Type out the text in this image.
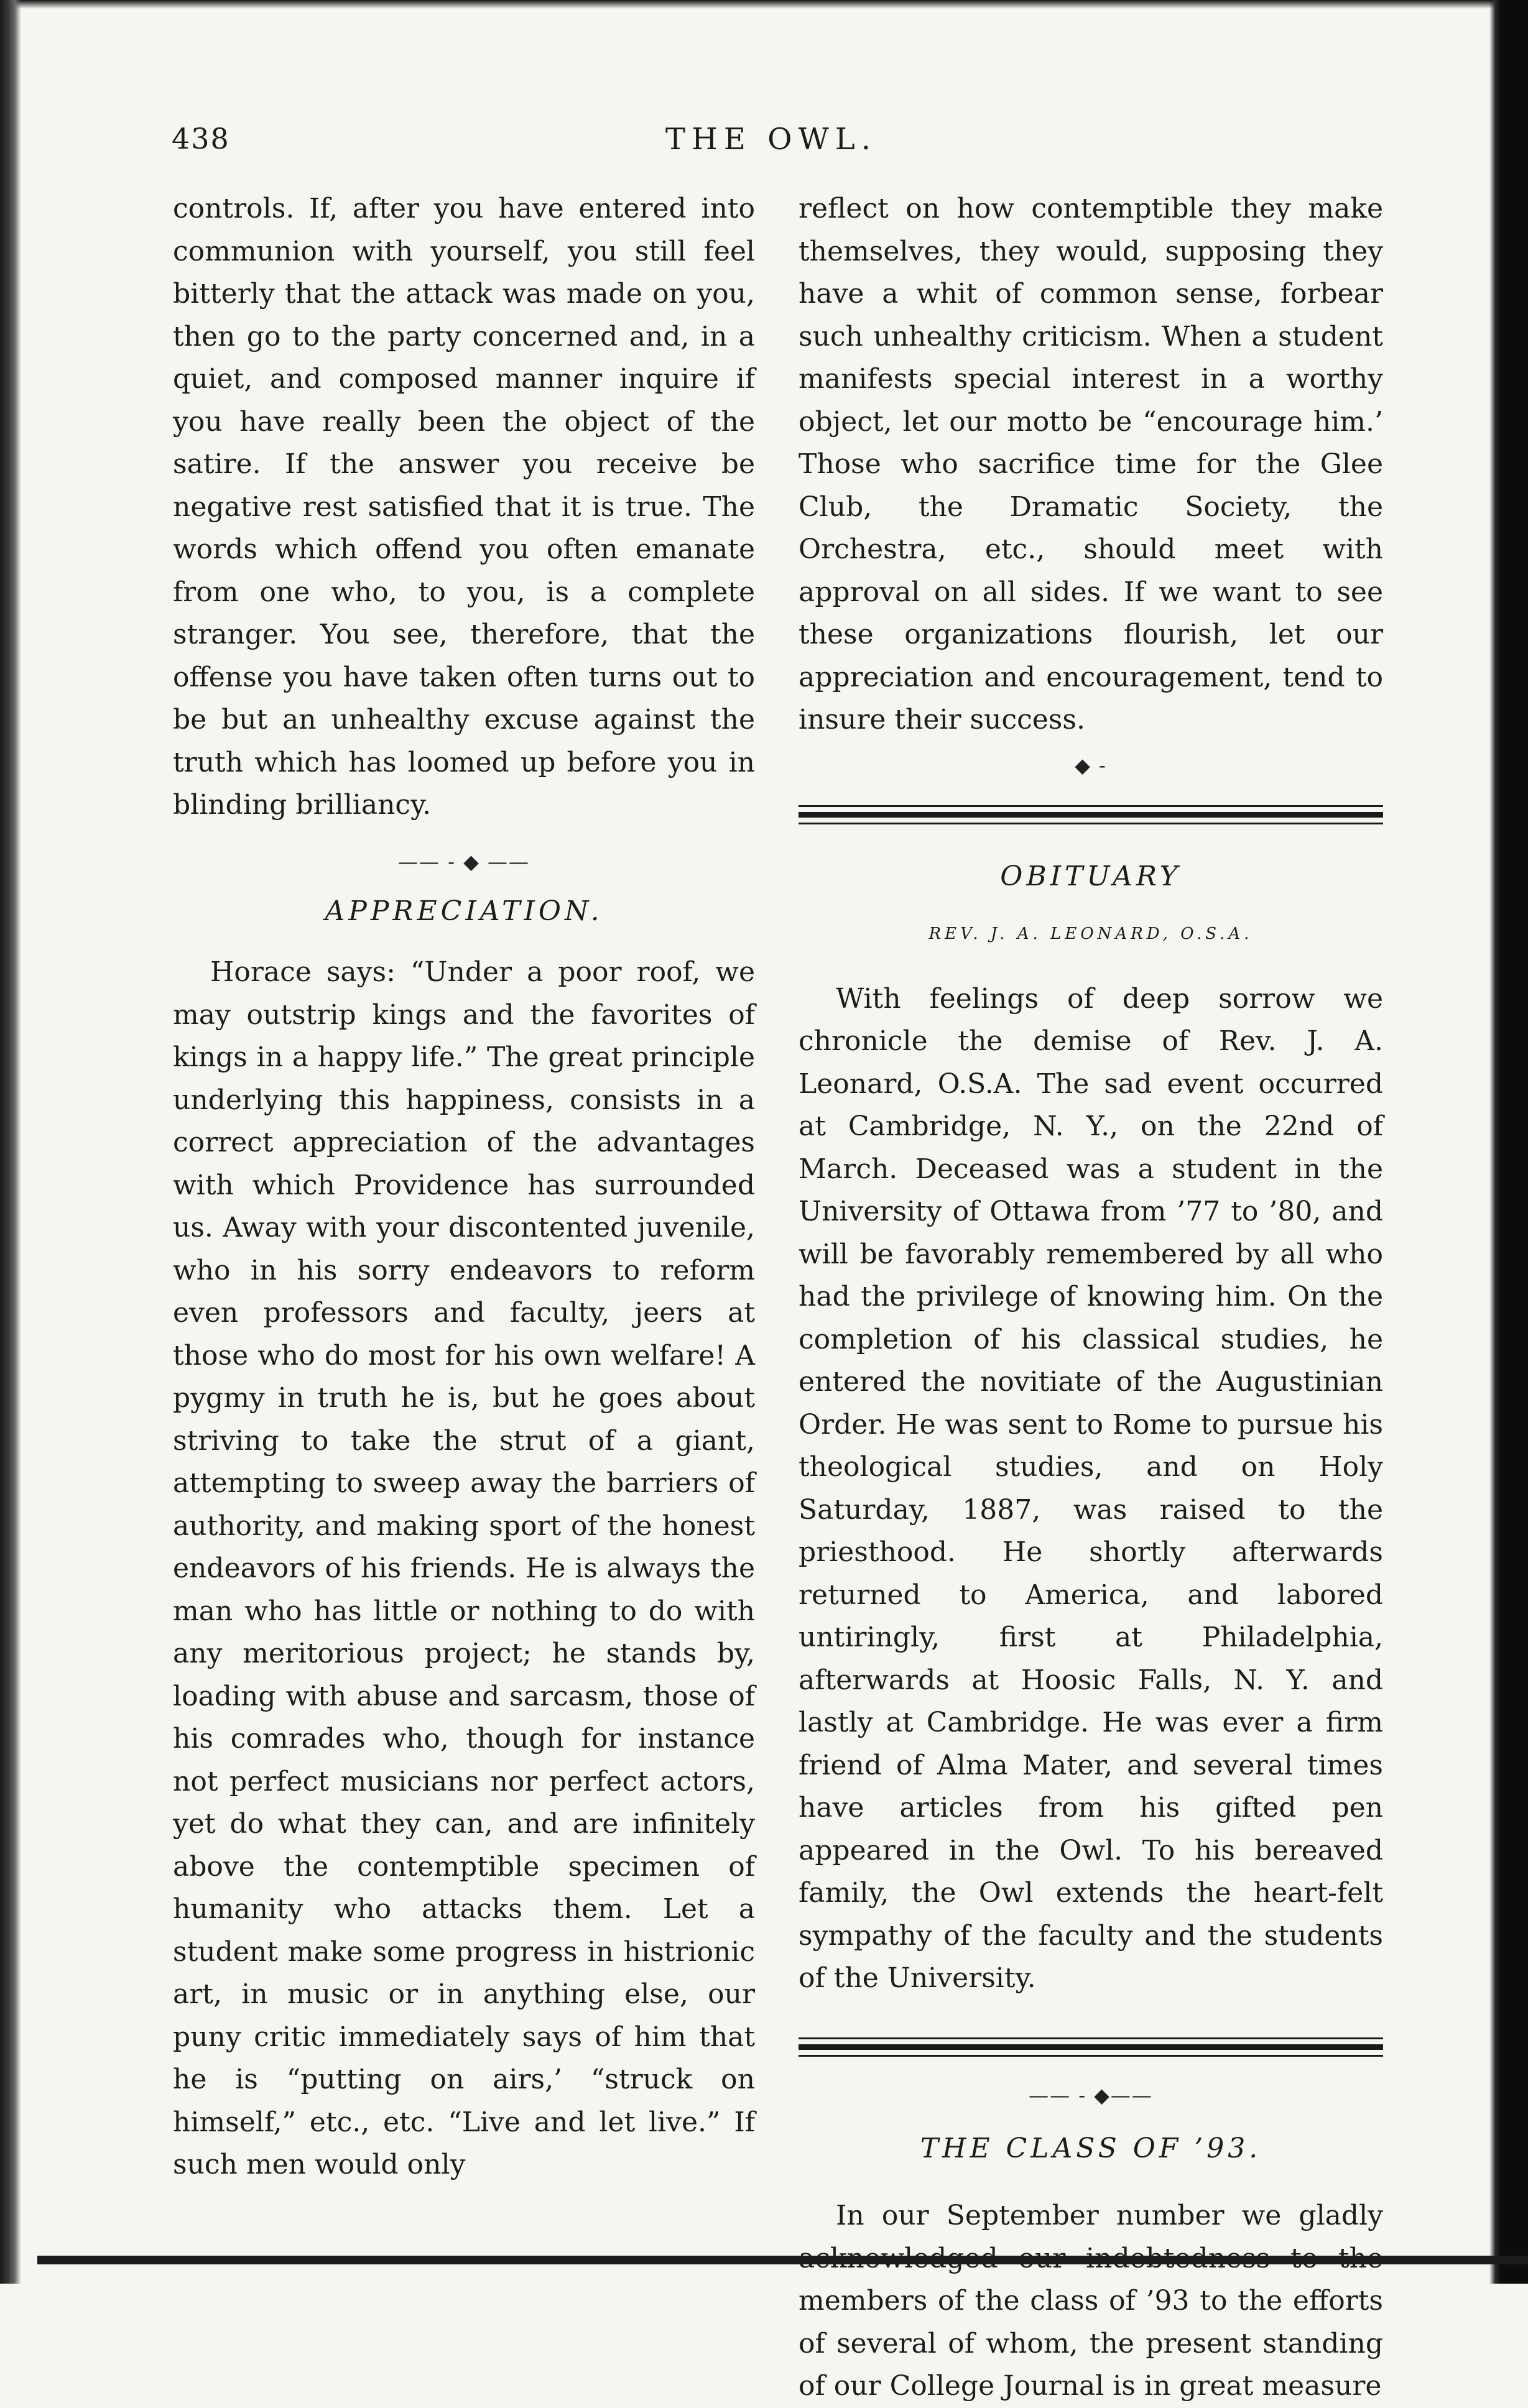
438	THE OWL.

controls. If, after you have entered into communion with yourself, you still feel bitterly that the attack was made on you, then go to the party concerned and, in a quiet, and composed manner inquire if you have really been the object of the satire. If the answer you receive be negative rest satisfied that it is true. The words which offend you often emanate from one who, to you, is a complete stranger. You see, therefore, that the offense you have taken often turns out to be but an unhealthy excuse against the truth which has loomed up before you in blinding brilliancy.

—— - ◆ ——
APPRECIATION.

Horace says: “Under a poor roof, we may outstrip kings and the favorites of kings in a happy life.” The great principle underlying this happiness, consists in a correct appreciation of the advantages with which Providence has surrounded us. Away with your discontented juvenile, who in his sorry endeavors to reform even professors and faculty, jeers at those who do most for his own welfare! A pygmy in truth he is, but he goes about striving to take the strut of a giant, attempting to sweep away the barriers of authority, and making sport of the honest endeavors of his friends. He is always the man who has little or nothing to do with any meritorious project; he stands by, loading with abuse and sarcasm, those of his comrades who, though for instance not perfect musicians nor perfect actors, yet do what they can, and are infinitely above the contemptible specimen of humanity who attacks them. Let a student make some progress in histrionic art, in music or in anything else, our puny critic immediately says of him that he is “putting on airs,’ “struck on himself,” etc., etc. “Live and let live.” If such men would only

reflect on how contemptible they make themselves, they would, supposing they have a whit of common sense, forbear such unhealthy criticism. When a student manifests special interest in a worthy object, let our motto be “encourage him.’ Those who sacrifice time for the Glee Club, the Dramatic Society, the Orchestra, etc., should meet with approval on all sides. If we want to see these organizations flourish, let our appreciation and encouragement, tend to insure their success.

◆ -
OBITUARY
REV. J. A. LEONARD, O.S.A.

With feelings of deep sorrow we chronicle the demise of Rev. J. A. Leonard, O.S.A. The sad event occurred at Cambridge, N. Y., on the 22nd of March. Deceased was a student in the University of Ottawa from ’77 to ’80, and will be favorably remembered by all who had the privilege of knowing him. On the completion of his classical studies, he entered the novitiate of the Augustinian Order. He was sent to Rome to pursue his theological studies, and on Holy Saturday, 1887, was raised to the priesthood. He shortly afterwards returned to America, and labored untiringly, first at Philadelphia, afterwards at Hoosic Falls, N. Y. and lastly at Cambridge. He was ever a firm friend of Alma Mater, and several times have articles from his gifted pen appeared in the Owl. To his bereaved family, the Owl extends the heart-felt sympathy of the faculty and the students of the University.

—— - ◆——
THE CLASS OF ’93.

In our September number we gladly acknowledged our indebtedness to the members of the class of ’93 to the efforts of several of whom, the present standing of our College Journal is in great measure
